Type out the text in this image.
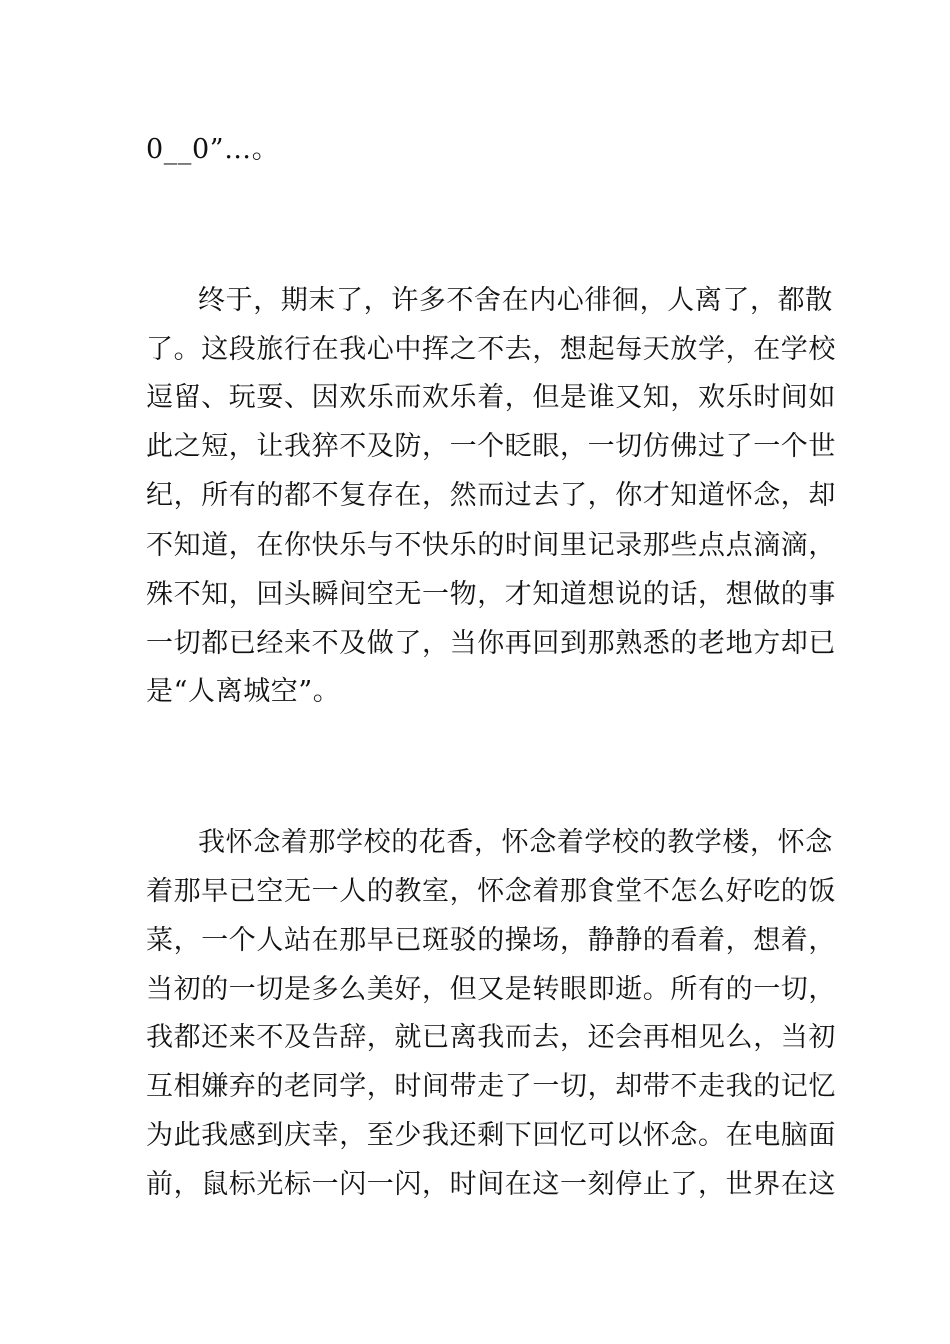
0__0”…。
终于，期末了，许多不舍在内心徘徊，人离了，都散
了。这段旅行在我心中挥之不去，想起每天放学，在学校
逗留、玩耍、因欢乐而欢乐着，但是谁又知，欢乐时间如
此之短，让我猝不及防，一个眨眼，一切仿佛过了一个世
纪，所有的都不复存在，然而过去了，你才知道怀念，却
不知道，在你快乐与不快乐的时间里记录那些点点滴滴，
殊不知，回头瞬间空无一物，才知道想说的话，想做的事
一切都已经来不及做了，当你再回到那熟悉的老地方却已
是“人离城空”。
我怀念着那学校的花香，怀念着学校的教学楼，怀念
着那早已空无一人的教室，怀念着那食堂不怎么好吃的饭
菜，一个人站在那早已斑驳的操场，静静的看着，想着，
当初的一切是多么美好，但又是转眼即逝。所有的一切，
我都还来不及告辞，就已离我而去，还会再相见么，当初
互相嫌弃的老同学，时间带走了一切，却带不走我的记忆
为此我感到庆幸，至少我还剩下回忆可以怀念。在电脑面
前，鼠标光标一闪一闪，时间在这一刻停止了，世界在这
